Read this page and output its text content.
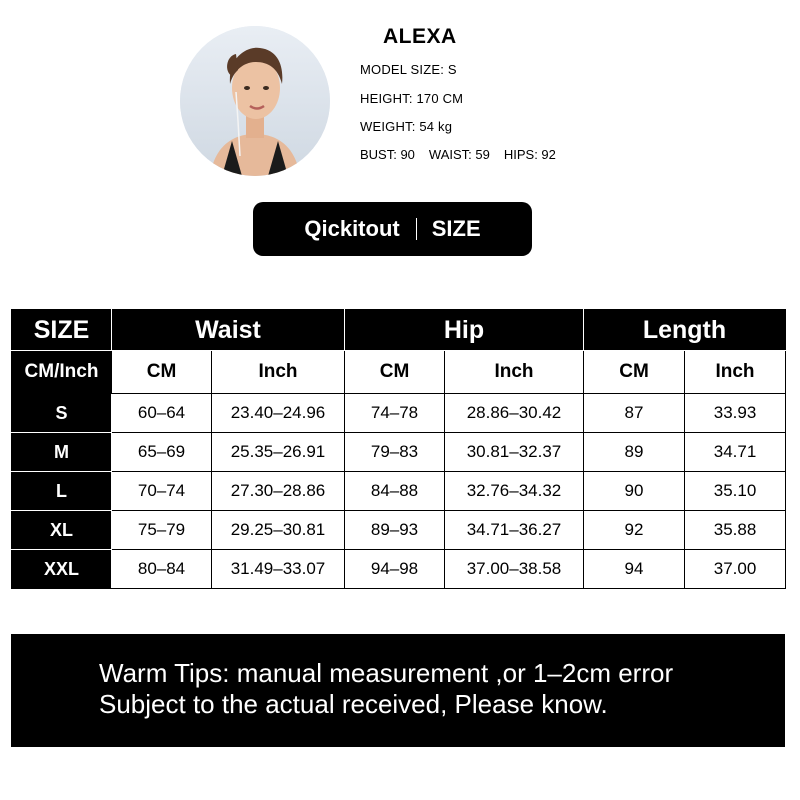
ALEXA
MODEL SIZE: S
HEIGHT: 170 CM
WEIGHT: 54 kg
BUST: 90 WAIST: 59 HIPS: 92
Qickitout SIZE
SIZE	Waist		Hip		Length	
CM/Inch	CM	Inch	CM	Inch	CM	Inch
S	60–64	23.40–24.96	74–78	28.86–30.42	87	33.93
M	65–69	25.35–26.91	79–83	30.81–32.37	89	34.71
L	70–74	27.30–28.86	84–88	32.76–34.32	90	35.10
XL	75–79	29.25–30.81	89–93	34.71–36.27	92	35.88
XXL	80–84	31.49–33.07	94–98	37.00–38.58	94	37.00
Warm Tips: manual measurement ,or 1–2cm error
Subject to the actual received, Please know.
